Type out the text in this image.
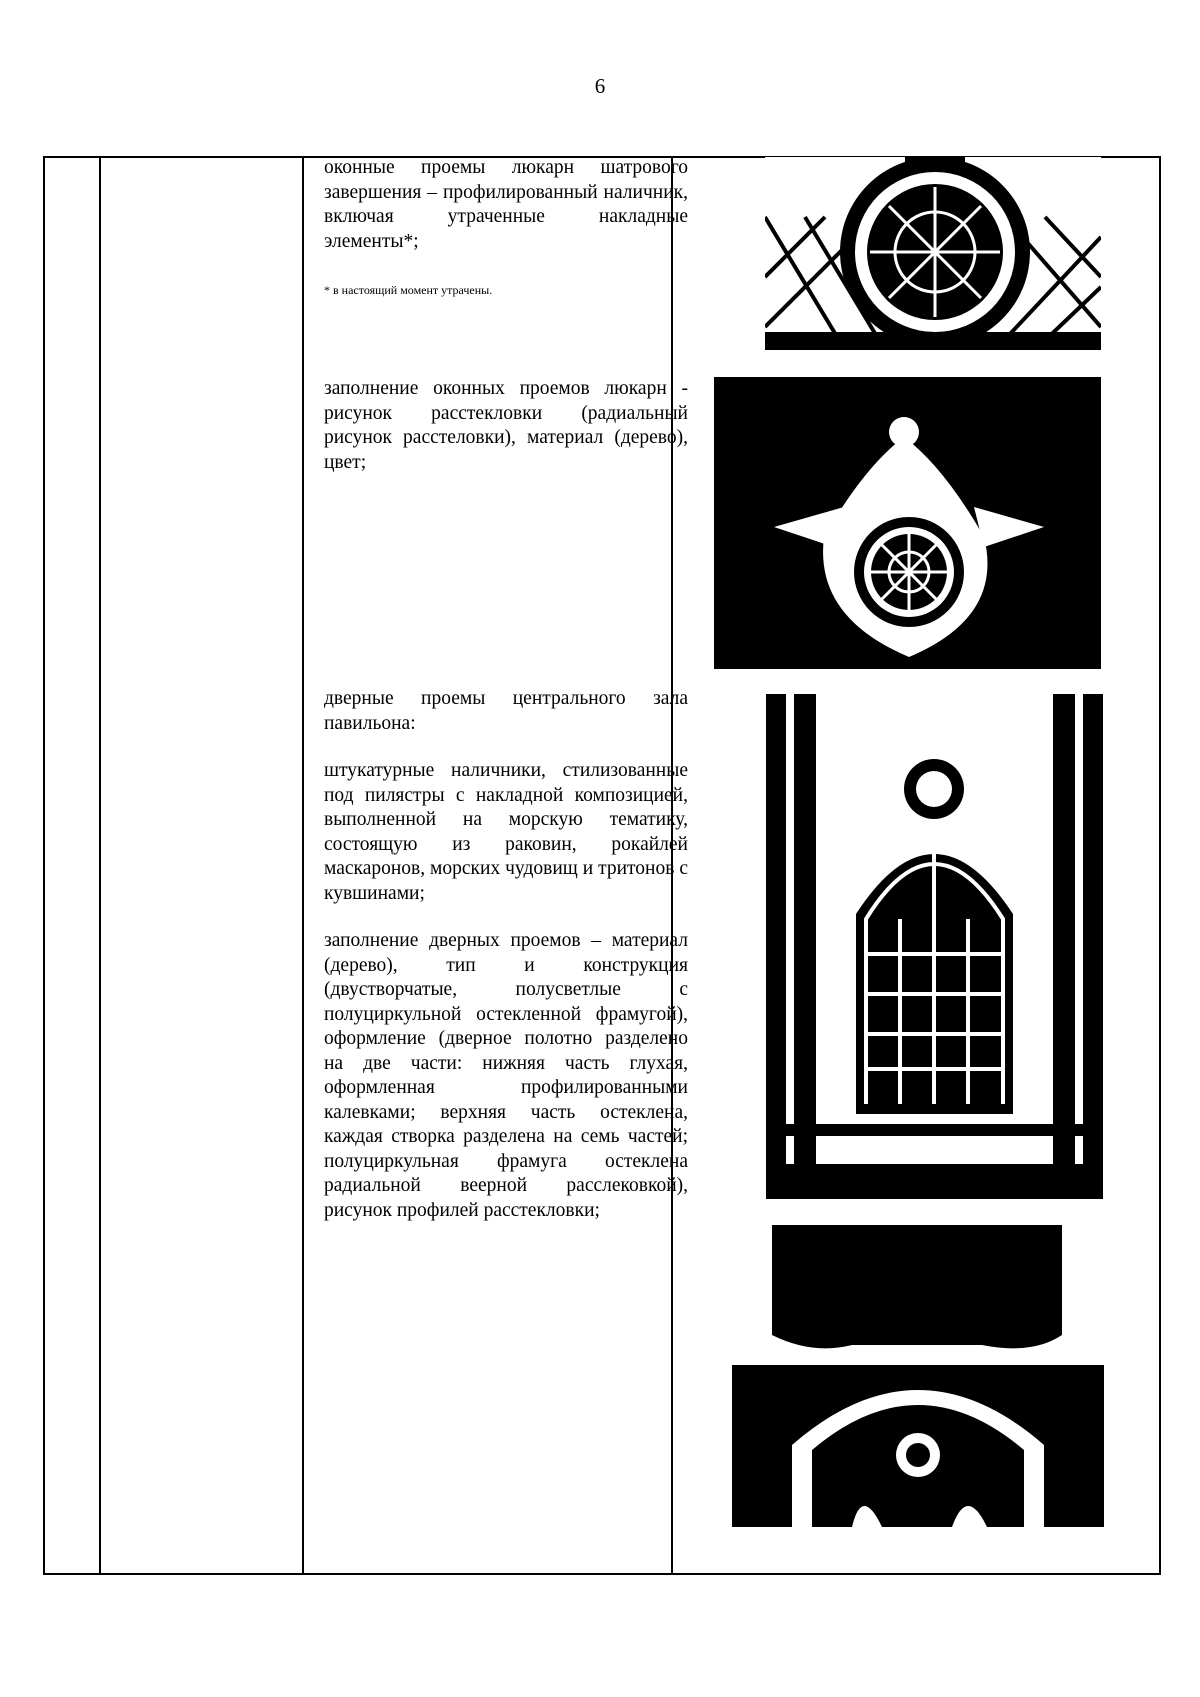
6

оконные проемы люкарн шатрового завершения – профилированный наличник, включая утраченные накладные элементы*;

* в настоящий момент утрачены.

заполнение оконных проемов люкарн - рисунок расстекловки (радиальный рисунок расстеловки), материал (дерево), цвет;

дверные проемы центрального зала павильона:

штукатурные наличники, стилизованные под пилястры с накладной композицией, выполненной на морскую тематику, состоящую из раковин, рокайлей маскаронов, морских чудовищ и тритонов с кувшинами;

заполнение дверных проемов – материал (дерево), тип и конструкция (двустворчатые, полусветлые с полуциркульной остекленной фрамугой), оформление (дверное полотно разделено на две части: нижняя часть глухая, оформленная профилированными калевками; верхняя часть остеклена, каждая створка разделена на семь частей; полуциркульная фрамуга остеклена радиальной веерной расслековкой), рисунок профилей расстекловки;
